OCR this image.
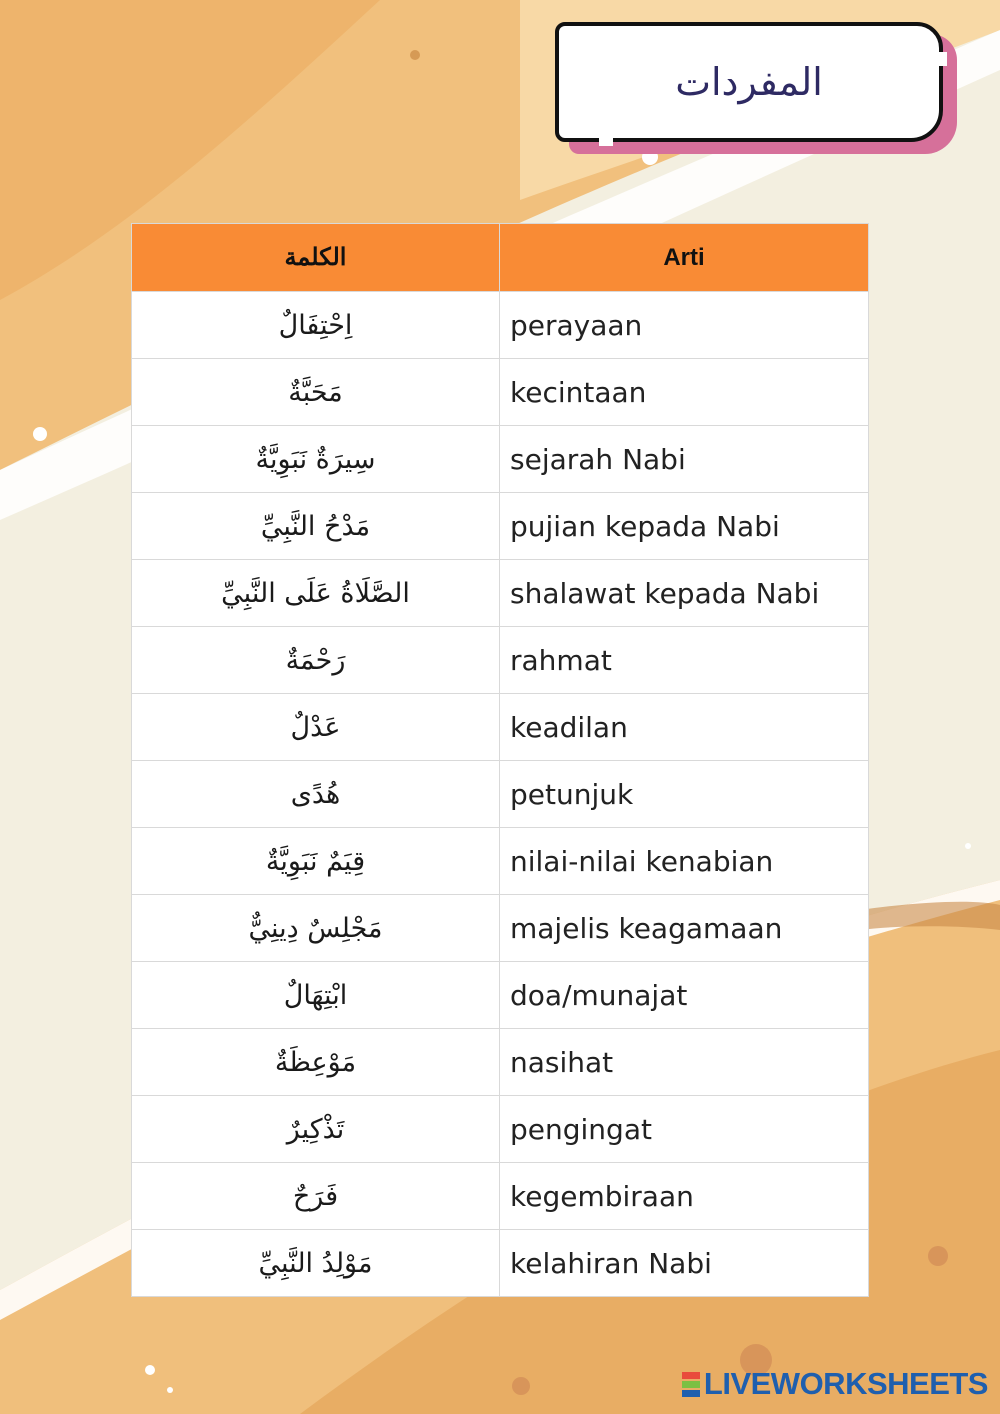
المفردات
الكلمة	Arti
اِحْتِفَالٌ	perayaan
مَحَبَّةٌ	kecintaan
سِيرَةٌ نَبَوِيَّةٌ	sejarah Nabi
مَدْحُ النَّبِيِّ	pujian kepada Nabi
الصَّلَاةُ عَلَى النَّبِيِّ	shalawat kepada Nabi
رَحْمَةٌ	rahmat
عَدْلٌ	keadilan
هُدًى	petunjuk
قِيَمٌ نَبَوِيَّةٌ	nilai-nilai kenabian
مَجْلِسٌ دِينِيٌّ	majelis keagamaan
ابْتِهَالٌ	doa/munajat
مَوْعِظَةٌ	nasihat
تَذْكِيرٌ	pengingat
فَرَحٌ	kegembiraan
مَوْلِدُ النَّبِيِّ	kelahiran Nabi
LIVEWORKSHEETS
